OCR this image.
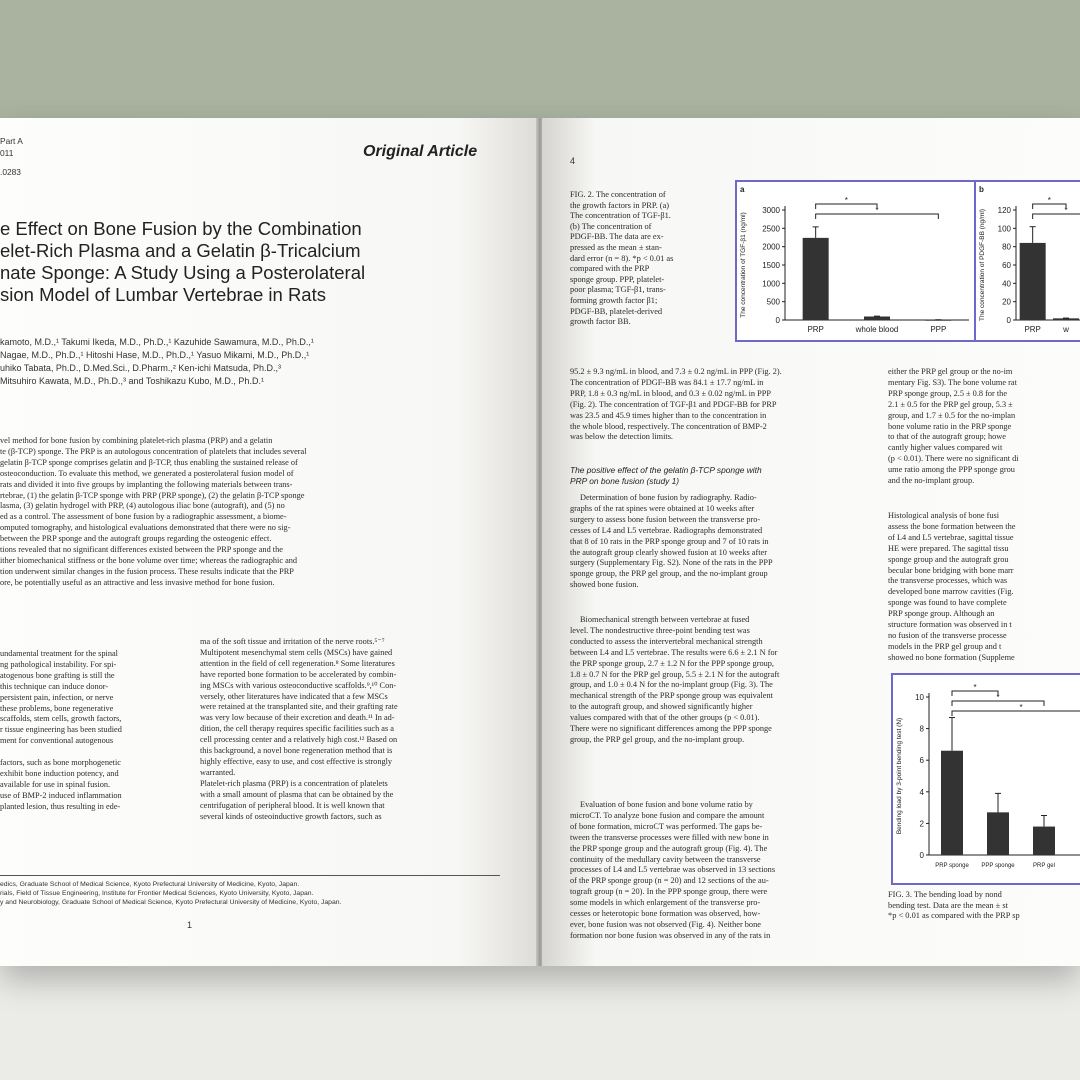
Part A
011
.0283
Original Article
e Effect on Bone Fusion by the Combination
elet-Rich Plasma and a Gelatin β-Tricalcium
nate Sponge: A Study Using a Posterolateral
sion Model of Lumbar Vertebrae in Rats
kamoto, M.D.,¹ Takumi Ikeda, M.D., Ph.D.,¹ Kazuhide Sawamura, M.D., Ph.D.,¹
Nagae, M.D., Ph.D.,¹ Hitoshi Hase, M.D., Ph.D.,¹ Yasuo Mikami, M.D., Ph.D.,¹
uhiko Tabata, Ph.D., D.Med.Sci., D.Pharm.,² Ken-ichi Matsuda, Ph.D.,³
Mitsuhiro Kawata, M.D., Ph.D.,³ and Toshikazu Kubo, M.D., Ph.D.¹
vel method for bone fusion by combining platelet-rich plasma (PRP) and a gelatin
te (β-TCP) sponge. The PRP is an autologous concentration of platelets that includes several
gelatin β-TCP sponge comprises gelatin and β-TCP, thus enabling the sustained release of
osteoconduction. To evaluate this method, we generated a posterolateral fusion model of
rats and divided it into five groups by implanting the following materials between trans-
rtebrae, (1) the gelatin β-TCP sponge with PRP (PRP sponge), (2) the gelatin β-TCP sponge
lasma, (3) gelatin hydrogel with PRP, (4) autologous iliac bone (autograft), and (5) no
ed as a control. The assessment of bone fusion by a radiographic assessment, a biome-
omputed tomography, and histological evaluations demonstrated that there were no sig-
between the PRP sponge and the autograft groups regarding the osteogenic effect.
tions revealed that no significant differences existed between the PRP sponge and the
ither biomechanical stiffness or the bone volume over time; whereas the radiographic and
tion underwent similar changes in the fusion process. These results indicate that the PRP
ore, be potentially useful as an attractive and less invasive method for bone fusion.
undamental treatment for the spinal
ng pathological instability. For spi-
atogenous bone grafting is still the
this technique can induce donor-
persistent pain, infection, or nerve
these problems, bone regenerative
scaffolds, stem cells, growth factors,
r tissue engineering has been studied
ment for conventional autogenous
factors, such as bone morphogenetic
exhibit bone induction potency, and
available for use in spinal fusion.
use of BMP-2 induced inflammation
planted lesion, thus resulting in ede-
ma of the soft tissue and irritation of the nerve roots.⁵⁻⁷
Multipotent mesenchymal stem cells (MSCs) have gained
attention in the field of cell regeneration.⁸ Some literatures
have reported bone formation to be accelerated by combin-
ing MSCs with various osteoconductive scaffolds.⁹,¹⁰ Con-
versely, other literatures have indicated that a few MSCs
were retained at the transplanted site, and their grafting rate
was very low because of their excretion and death.¹¹ In ad-
dition, the cell therapy requires specific facilities such as a
cell processing center and a relatively high cost.¹² Based on
this background, a novel bone regeneration method that is
highly effective, easy to use, and cost effective is strongly
warranted.
Platelet-rich plasma (PRP) is a concentration of platelets
with a small amount of plasma that can be obtained by the
centrifugation of peripheral blood. It is well known that
several kinds of osteoinductive growth factors, such as
edics, Graduate School of Medical Science, Kyoto Prefectural University of Medicine, Kyoto, Japan.
rials, Field of Tissue Engineering, Institute for Frontier Medical Sciences, Kyoto University, Kyoto, Japan.
y and Neurobiology, Graduate School of Medical Science, Kyoto Prefectural University of Medicine, Kyoto, Japan.
1
4
FIG. 2. The concentration of
the growth factors in PRP. (a)
The concentration of TGF-β1.
(b) The concentration of
PDGF-BB. The data are ex-
pressed as the mean ± stan-
dard error (n = 8). *p < 0.01 as
compared with the PRP
sponge group. PPP, platelet-
poor plasma; TGF-β1, trans-
forming growth factor β1;
PDGF-BB, platelet-derived
growth factor BB.	0
500
1000
1500
2000
2500
3000
The concentration of TGF-β1 (ng/ml)
a
PRP	whole blood	PPP
*
*
0
20
40
60
80
100
120
The concentration of PDGF-BB (ng/ml)
b
PRP	w
*
*
95.2 ± 9.3 ng/mL in blood, and 7.3 ± 0.2 ng/mL in PPP (Fig. 2).
The concentration of PDGF-BB was 84.1 ± 17.7 ng/mL in
PRP, 1.8 ± 0.3 ng/mL in blood, and 0.3 ± 0.02 ng/mL in PPP
(Fig. 2). The concentration of TGF-β1 and PDGF-BB for PRP
was 23.5 and 45.9 times higher than to the concentration in
the whole blood, respectively. The concentration of BMP-2
was below the detection limits.
The positive effect of the gelatin β-TCP sponge with
PRP on bone fusion (study 1)
Determination of bone fusion by radiography. Radio-
graphs of the rat spines were obtained at 10 weeks after
surgery to assess bone fusion between the transverse pro-
cesses of L4 and L5 vertebrae. Radiographs demonstrated
that 8 of 10 rats in the PRP sponge group and 7 of 10 rats in
the autograft group clearly showed fusion at 10 weeks after
surgery (Supplementary Fig. S2). None of the rats in the PPP
sponge group, the PRP gel group, and the no-implant group
showed bone fusion.
Biomechanical strength between vertebrae at fused
level. The nondestructive three-point bending test was
conducted to assess the intervertebral mechanical strength
between L4 and L5 vertebrae. The results were 6.6 ± 2.1 N for
the PRP sponge group, 2.7 ± 1.2 N for the PPP sponge group,
1.8 ± 0.7 N for the PRP gel group, 5.5 ± 2.1 N for the autograft
group, and 1.0 ± 0.4 N for the no-implant group (Fig. 3). The
mechanical strength of the PRP sponge group was equivalent
to the autograft group, and showed significantly higher
values compared with that of the other groups (p < 0.01).
There were no significant differences among the PPP sponge
group, the PRP gel group, and the no-implant group.
Evaluation of bone fusion and bone volume ratio by
microCT. To analyze bone fusion and compare the amount
of bone formation, microCT was performed. The gaps be-
tween the transverse processes were filled with new bone in
the PRP sponge group and the autograft group (Fig. 4). The
continuity of the medullary cavity between the transverse
processes of L4 and L5 vertebrae was observed in 13 sections
of the PRP sponge group (n = 20) and 12 sections of the au-
tograft group (n = 20). In the PPP sponge group, there were
some models in which enlargement of the transverse pro-
cesses or heterotopic bone formation was observed, how-
ever, bone fusion was not observed (Fig. 4). Neither bone
formation nor bone fusion was observed in any of the rats in
either the PRP gel group or the no-im
mentary Fig. S3). The bone volume rat
PRP sponge group, 2.5 ± 0.8 for the
2.1 ± 0.5 for the PRP gel group, 5.3 ±
group, and 1.7 ± 0.5 for the no-implan
bone volume ratio in the PRP sponge
to that of the autograft group; howe
cantly higher values compared wit
(p < 0.01). There were no significant di
ume ratio among the PPP sponge grou
and the no-implant group.
Histological analysis of bone fusi
assess the bone formation between the
of L4 and L5 vertebrae, sagittal tissue
HE were prepared. The sagittal tissu
sponge group and the autograft grou
becular bone bridging with bone marr
the transverse processes, which was
developed bone marrow cavities (Fig.
sponge was found to have complete
PRP sponge group. Although an
structure formation was observed in t
no fusion of the transverse processe
models in the PRP gel group and t
showed no bone formation (Suppleme
0
2
4
6
8
10
Bending load by 3-point bending test (N)
PRP sponge PPP sponge	PRP gel
*
*
*
FIG. 3. The bending load by nond
bending test. Data are the mean ± st
*p < 0.01 as compared with the PRP sp
